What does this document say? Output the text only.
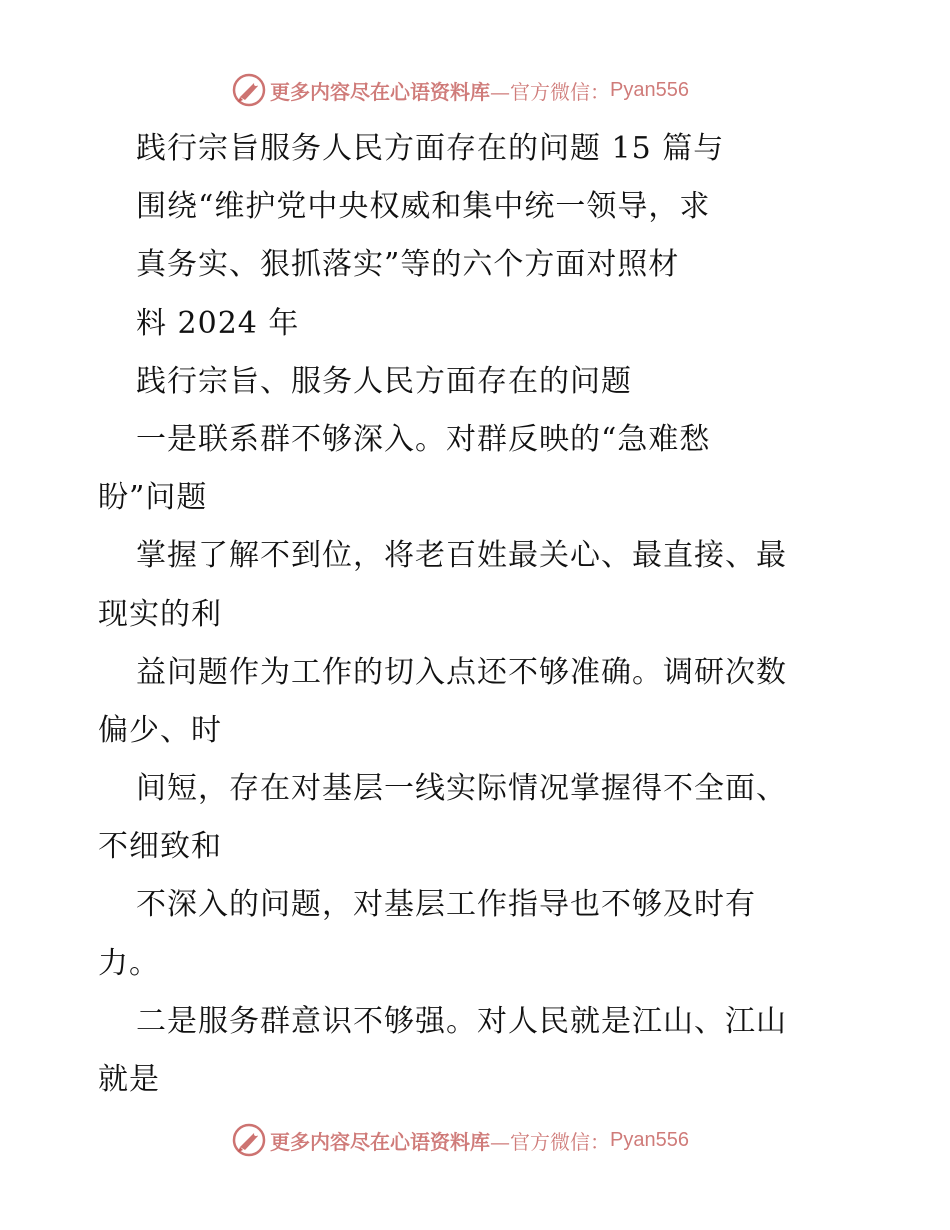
更多内容尽在心语资料库 —官方微信： Pyan556
践行宗旨服务人民方面存在的问题 15 篇与
围绕“维护党中央权威和集中统一领导，求
真务实、狠抓落实”等的六个方面对照材
料 2024 年
践行宗旨、服务人民方面存在的问题
一是联系群不够深入。对群反映的“急难愁
盼”问题
掌握了解不到位，将老百姓最关心、最直接、最
现实的利
益问题作为工作的切入点还不够准确。调研次数
偏少、时
间短，存在对基层一线实际情况掌握得不全面、
不细致和
不深入的问题，对基层工作指导也不够及时有
力。
二是服务群意识不够强。对人民就是江山、江山
就是
更多内容尽在心语资料库 —官方微信： Pyan556
